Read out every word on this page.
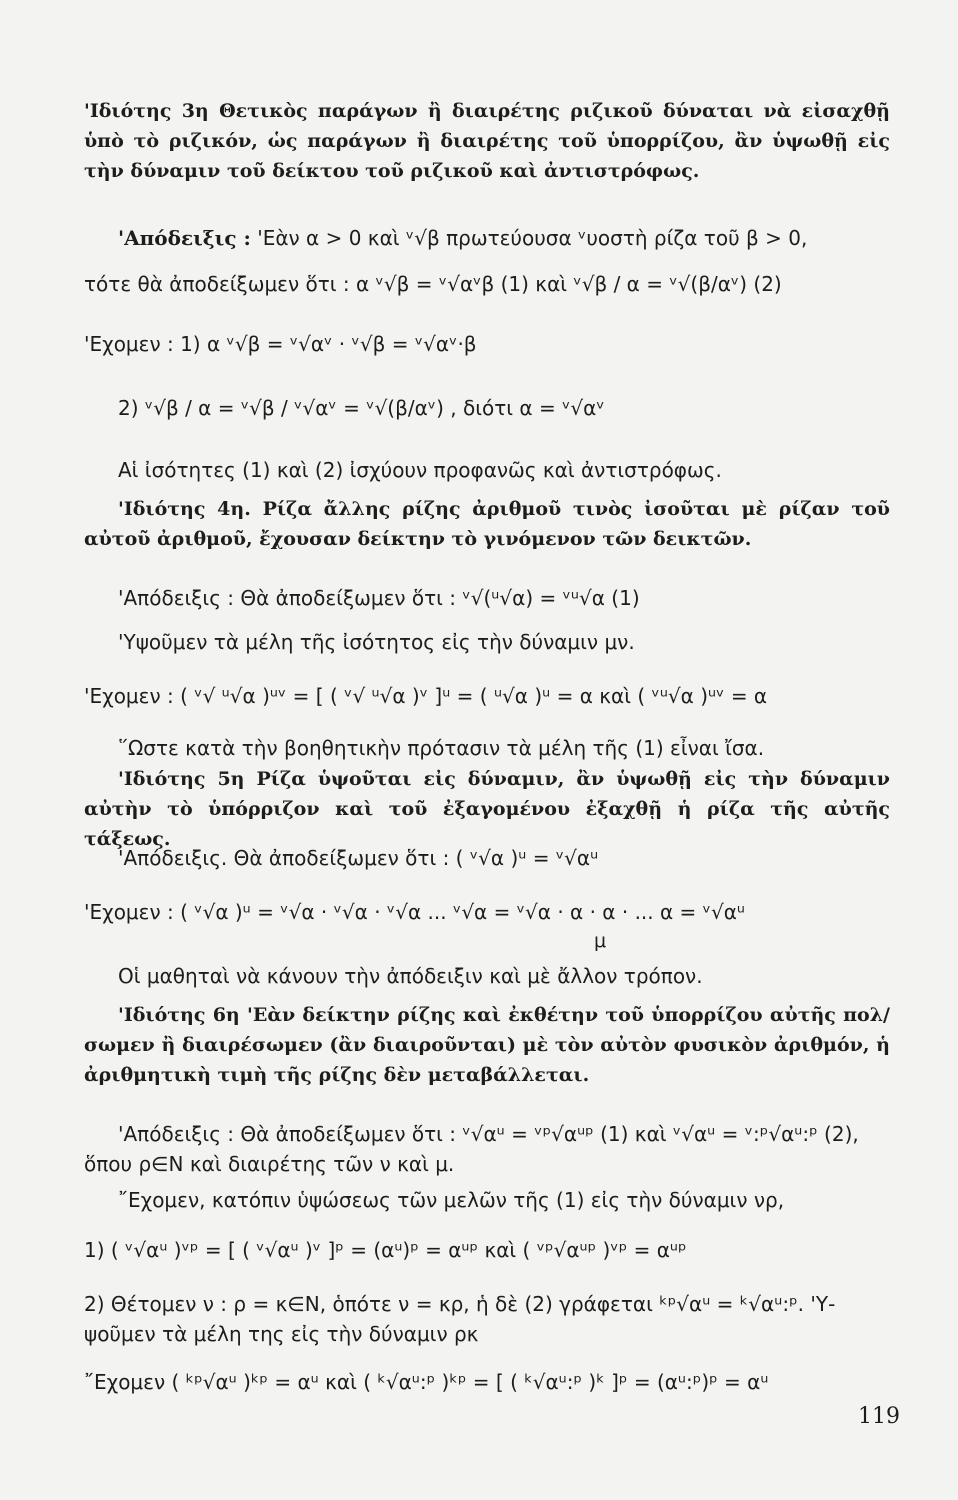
'Ιδιότης 3η Θετικὸς παράγων ἢ διαιρέτης ριζικοῦ δύναται νὰ εἰσαχθῇ ὑπὸ τὸ ριζικόν, ὡς παράγων ἢ διαιρέτης τοῦ ὑπορρίζου, ἂν ὑψωθῇ εἰς τὴν δύναμιν τοῦ δείκτου τοῦ ριζικοῦ καὶ ἀντιστρόφως.
'Απόδειξις : 'Εὰν α > 0 καὶ ᵛ√β πρωτεύουσα ᵛυοστὴ ρίζα τοῦ β > 0,
τότε θὰ ἀποδείξωμεν ὅτι : α ᵛ√β = ᵛ√αᵛβ (1) καὶ ᵛ√β / α = ᵛ√(β/αᵛ) (2)
'Εχομεν : 1) α ᵛ√β = ᵛ√αᵛ · ᵛ√β = ᵛ√αᵛ·β
2) ᵛ√β / α = ᵛ√β / ᵛ√αᵛ = ᵛ√(β/αᵛ) , διότι α = ᵛ√αᵛ
Αἱ ἰσότητες (1) καὶ (2) ἰσχύουν προφανῶς καὶ ἀντιστρόφως.
'Ιδιότης 4η. Ρίζα ἄλλης ρίζης ἀριθμοῦ τινὸς ἰσοῦται μὲ ρίζαν τοῦ αὐτοῦ ἀριθμοῦ, ἔχουσαν δείκτην τὸ γινόμενον τῶν δεικτῶν.
'Απόδειξις : Θὰ ἀποδείξωμεν ὅτι : ᵛ√(ᵘ√α) = ᵛᵘ√α (1)
'Υψοῦμεν τὰ μέλη τῆς ἰσότητος εἰς τὴν δύναμιν μν.
'Εχομεν : ( ᵛ√ ᵘ√α )ᵘᵛ = [ ( ᵛ√ ᵘ√α )ᵛ ]ᵘ = ( ᵘ√α )ᵘ = α καὶ ( ᵛᵘ√α )ᵘᵛ = α
῞Ωστε κατὰ τὴν βοηθητικὴν πρότασιν τὰ μέλη τῆς (1) εἶναι ἴσα.
'Ιδιότης 5η Ρίζα ὑψοῦται εἰς δύναμιν, ἂν ὑψωθῇ εἰς τὴν δύναμιν αὐτὴν τὸ ὑπόρριζον καὶ τοῦ ἐξαγομένου ἐξαχθῇ ἡ ρίζα τῆς αὐτῆς τάξεως.
'Απόδειξις. Θὰ ἀποδείξωμεν ὅτι : ( ᵛ√α )ᵘ = ᵛ√αᵘ
'Εχομεν : ( ᵛ√α )ᵘ = ᵛ√α · ᵛ√α · ᵛ√α ... ᵛ√α = ᵛ√α · α · α · ... α = ᵛ√αᵘ
μ
Οἱ μαθηταὶ νὰ κάνουν τὴν ἀπόδειξιν καὶ μὲ ἄλλον τρόπον.
'Ιδιότης 6η 'Εὰν δείκτην ρίζης καὶ ἐκθέτην τοῦ ὑπορρίζου αὐτῆς πολ/σωμεν ἢ διαιρέσωμεν (ἂν διαιροῦνται) μὲ τὸν αὐτὸν φυσικὸν ἀριθμόν, ἡ ἀριθμητικὴ τιμὴ τῆς ρίζης δὲν μεταβάλλεται.
'Απόδειξις : Θὰ ἀποδείξωμεν ὅτι : ᵛ√αᵘ = ᵛᵖ√αᵘᵖ (1) καὶ ᵛ√αᵘ = ᵛ:ᵖ√αᵘ:ᵖ (2),
ὅπου ρ∈N καὶ διαιρέτης τῶν ν καὶ μ.
῎Εχομεν, κατόπιν ὑψώσεως τῶν μελῶν τῆς (1) εἰς τὴν δύναμιν νρ,
1) ( ᵛ√αᵘ )ᵛᵖ = [ ( ᵛ√αᵘ )ᵛ ]ᵖ = (αᵘ)ᵖ = αᵘᵖ καὶ ( ᵛᵖ√αᵘᵖ )ᵛᵖ = αᵘᵖ
2) Θέτομεν ν : ρ = κ∈N, ὁπότε ν = κρ, ἡ δὲ (2) γράφεται ᵏᵖ√αᵘ = ᵏ√αᵘ:ᵖ. 'Υ-
ψοῦμεν τὰ μέλη της εἰς τὴν δύναμιν ρκ
῎Εχομεν ( ᵏᵖ√αᵘ )ᵏᵖ = αᵘ καὶ ( ᵏ√αᵘ:ᵖ )ᵏᵖ = [ ( ᵏ√αᵘ:ᵖ )ᵏ ]ᵖ = (αᵘ:ᵖ)ᵖ = αᵘ
119
